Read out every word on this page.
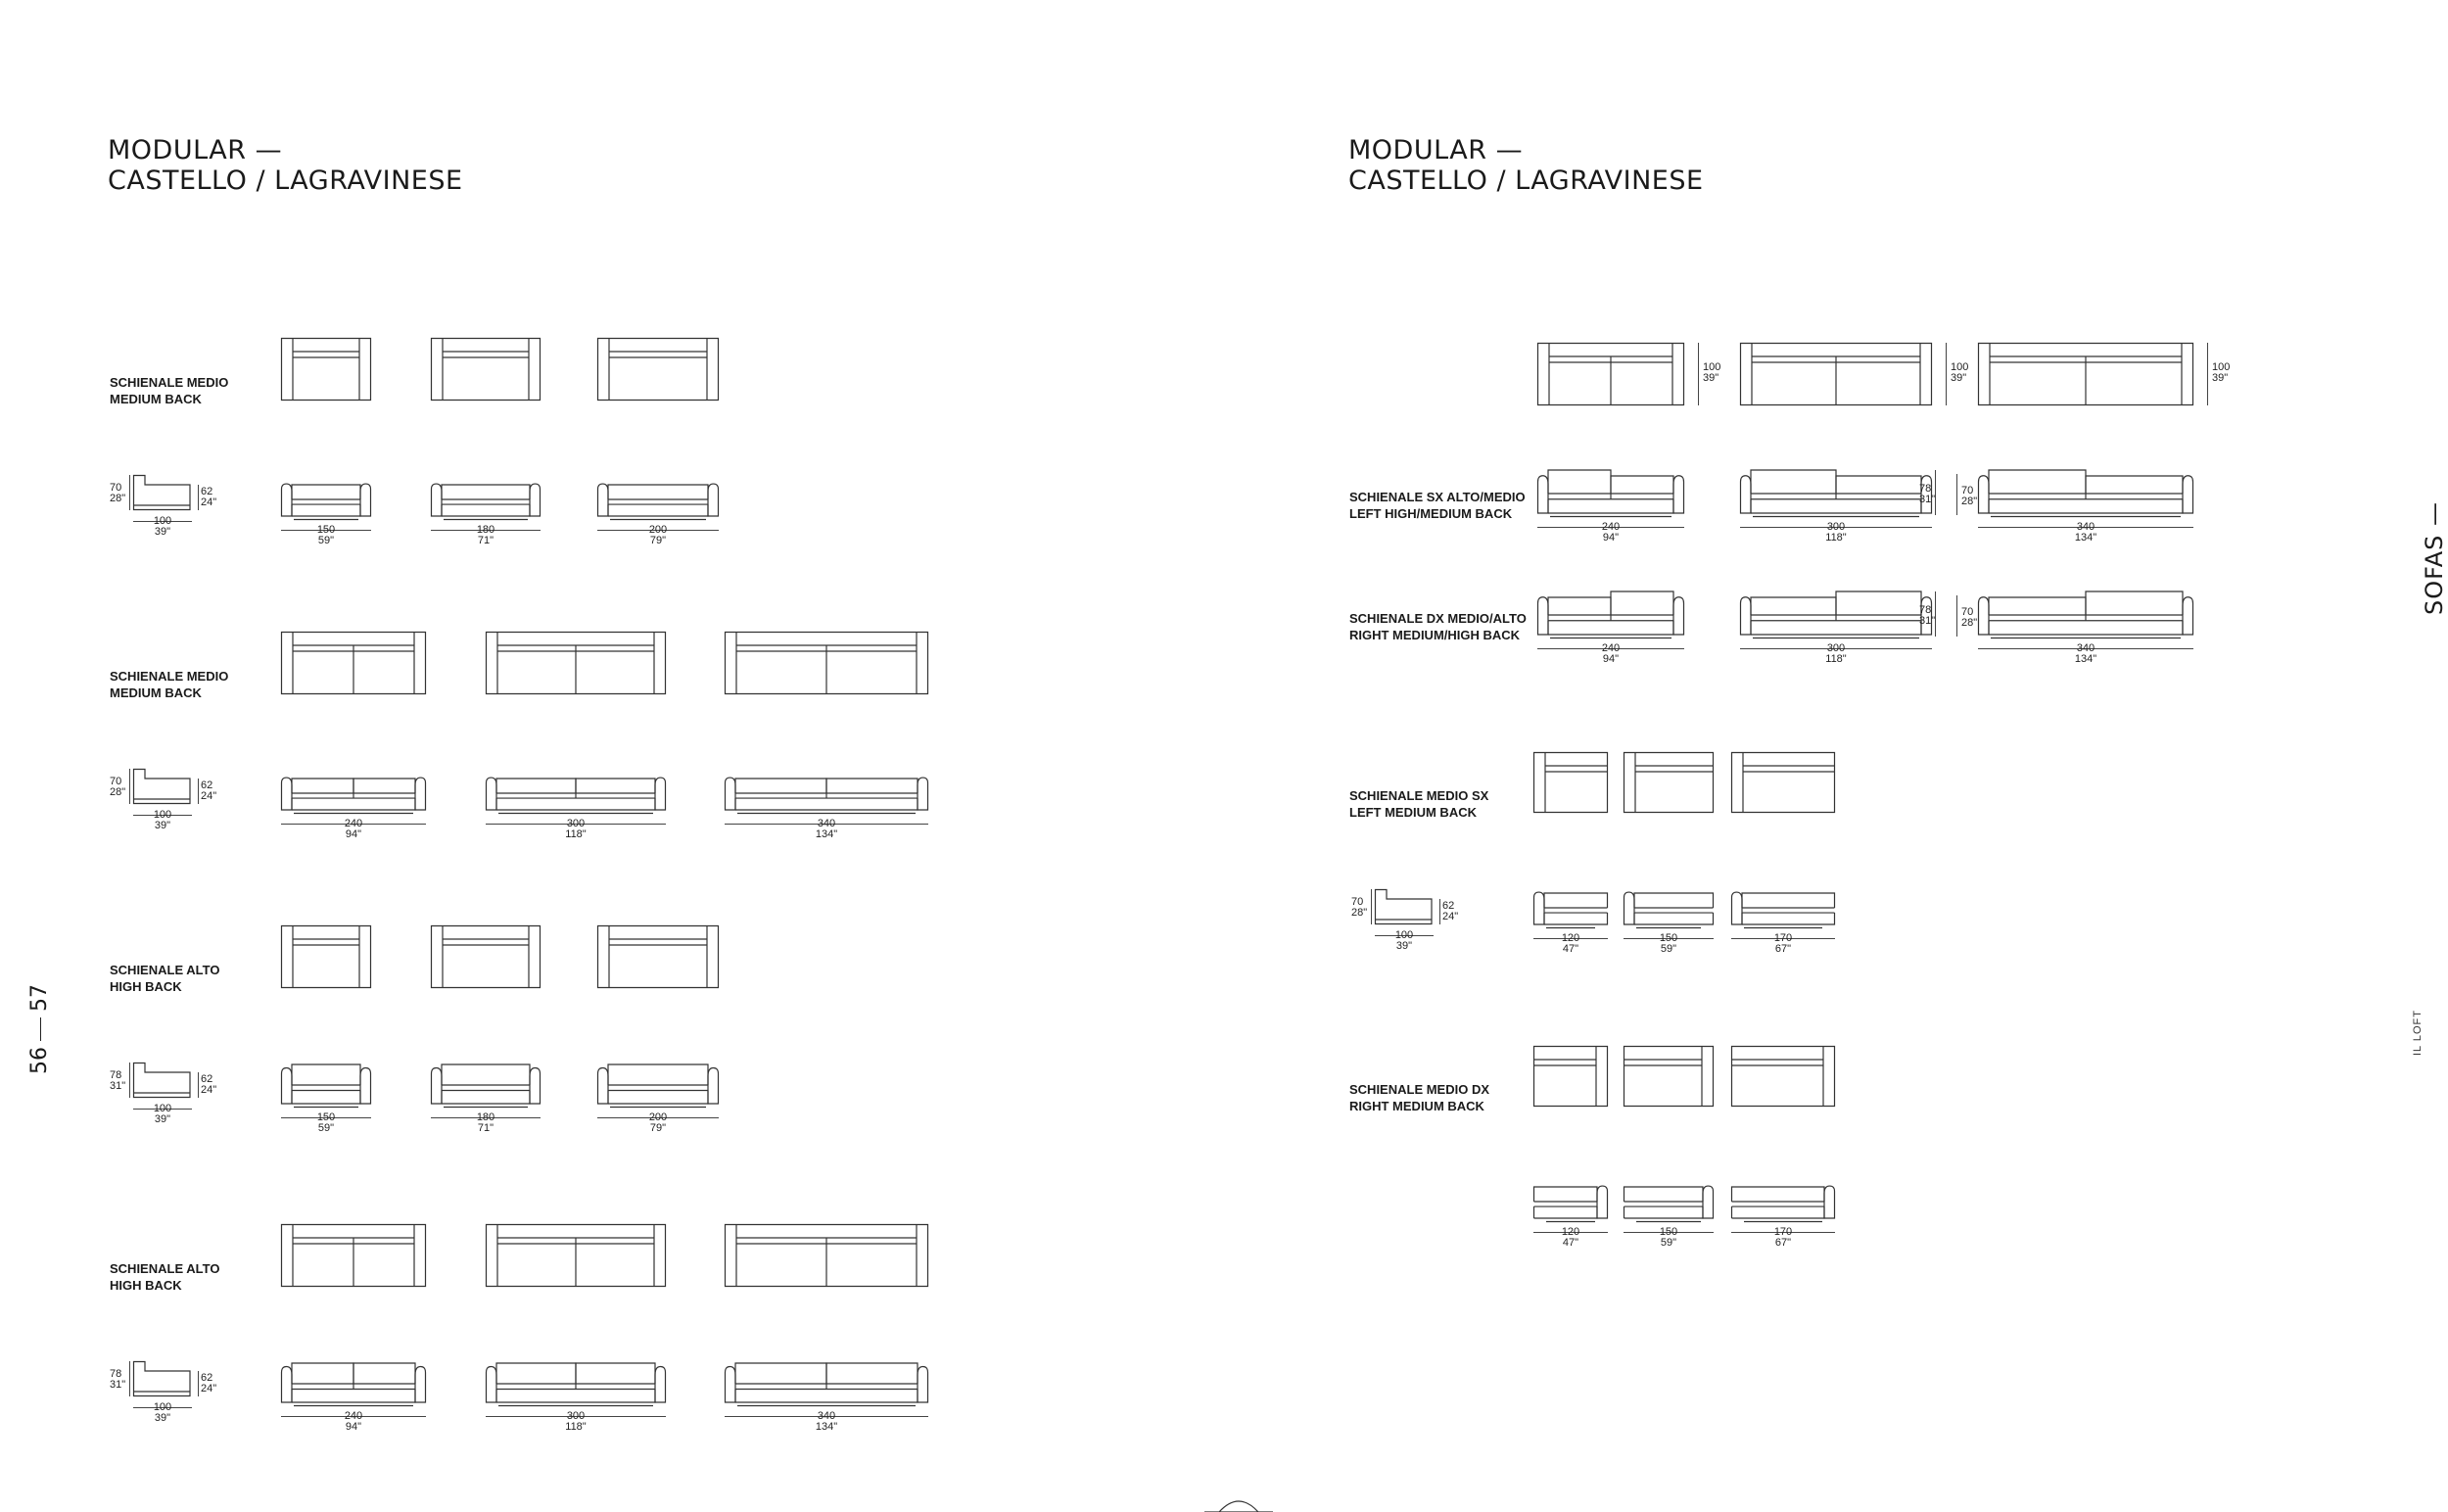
MODULAR —
CASTELLO / LAGRAVINESE
MODULAR —
CASTELLO / LAGRAVINESE
SOFAS —
IL LOFT
5657
SCHIENALE MEDIO
MEDIUM BACK
70
28"
62
24"
100
39"	150
59"
180
71"
200
79"
SCHIENALE MEDIO
MEDIUM BACK
70
28"
62
24"
100
39"	240
94"
300
118"
340
134"
SCHIENALE ALTO
HIGH BACK
78
31"
62
24"
100
39"	150
59"
180
71"
200
79"
SCHIENALE ALTO
HIGH BACK
78
31"
62
24"
100
39"	240
94"
300
118"
340
134"
100
39"
100
39"
100
39"
SCHIENALE SX ALTO/MEDIO
LEFT HIGH/MEDIUM BACK
240
94"
300
118"
340
134"
78
31"
70
28"
SCHIENALE DX MEDIO/ALTO
RIGHT MEDIUM/HIGH BACK
240
94"
300
118"
340
134"
78
31"
70
28"
SCHIENALE MEDIO SX
LEFT MEDIUM BACK
70
28"
62
24"
100
39"
120
47"
150
59"
170
67"
SCHIENALE MEDIO DX
RIGHT MEDIUM BACK
120
47"
150
59"
170
67"
